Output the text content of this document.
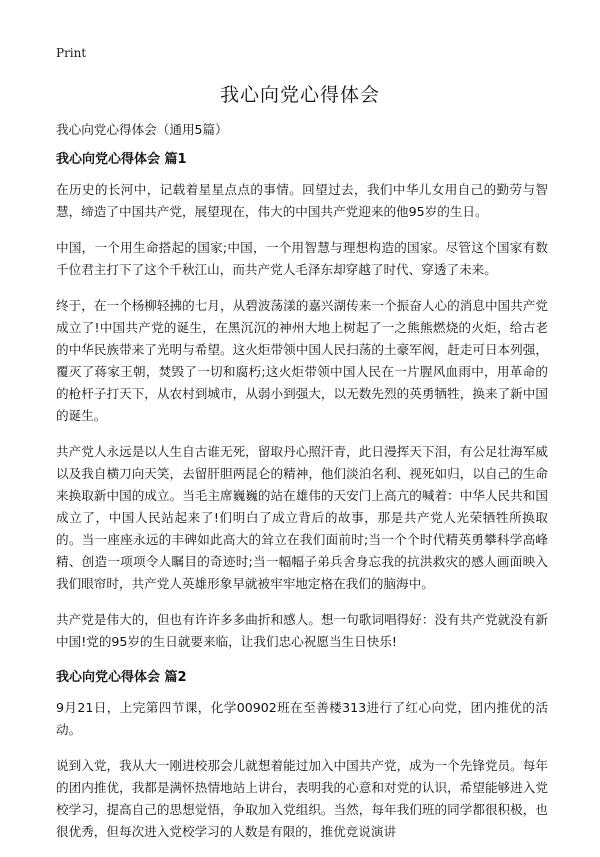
Print
我心向党心得体会

我心向党心得体会（通用5篇）

我心向党心得体会 篇1

在历史的长河中，记载着星星点点的事情。回望过去，我们中华儿女用自己的勤劳与智慧，缔造了中国共产党，展望现在，伟大的中国共产党迎来的他95岁的生日。

中国，一个用生命搭起的国家;中国，一个用智慧与理想构造的国家。尽管这个国家有数千位君主打下了这个千秋江山，而共产党人毛泽东却穿越了时代、穿透了未来。

终于，在一个杨柳轻拂的七月，从碧波荡漾的嘉兴湖传来一个振奋人心的消息中国共产党成立了!中国共产党的诞生，在黑沉沉的神州大地上树起了一之熊熊燃烧的火炬，给古老的中华民族带来了光明与希望。这火炬带领中国人民扫荡的土豪军阀，赶走可日本列强，覆灭了蒋家王朝，焚毁了一切和腐朽;这火炬带领中国人民在一片腥风血雨中，用革命的的枪杆子打天下，从农村到城市，从弱小到强大，以无数先烈的英勇牺牲，换来了新中国的诞生。

共产党人永远是以人生自古谁无死，留取丹心照汗青，此日漫挥天下泪，有公足壮海军威以及我自横刀向天笑，去留肝胆两昆仑的精神，他们淡泊名利、视死如归，以自己的生命来换取新中国的成立。当毛主席巍巍的站在雄伟的天安门上高亢的喊着：中华人民共和国成立了，中国人民站起来了!们明白了成立背后的故事，那是共产党人光荣牺牲所换取的。当一座座永远的丰碑如此高大的耸立在我们面前时;当一个个时代精英勇攀科学高峰精、创造一项项令人瞩目的奇迹时;当一幅幅子弟兵舍身忘我的抗洪救灾的感人画面映入我们眼帘时，共产党人英雄形象早就被牢牢地定格在我们的脑海中。

共产党是伟大的，但也有许许多多曲折和感人。想一句歌词唱得好：没有共产党就没有新中国!党的95岁的生日就要来临，让我们忠心祝愿当生日快乐!

我心向党心得体会 篇2

9月21日，上完第四节课，化学00902班在至善楼313进行了红心向党，团内推优的活动。

说到入党，我从大一刚进校那会儿就想着能过加入中国共产党，成为一个先锋党员。每年的团内推优，我都是满怀热情地站上讲台，表明我的心意和对党的认识，希望能够进入党校学习，提高自己的思想觉悟，争取加入党组织。当然，每年我们班的同学都很积极，也很优秀，但每次进入党校学习的人数是有限的，推优竞说演讲
